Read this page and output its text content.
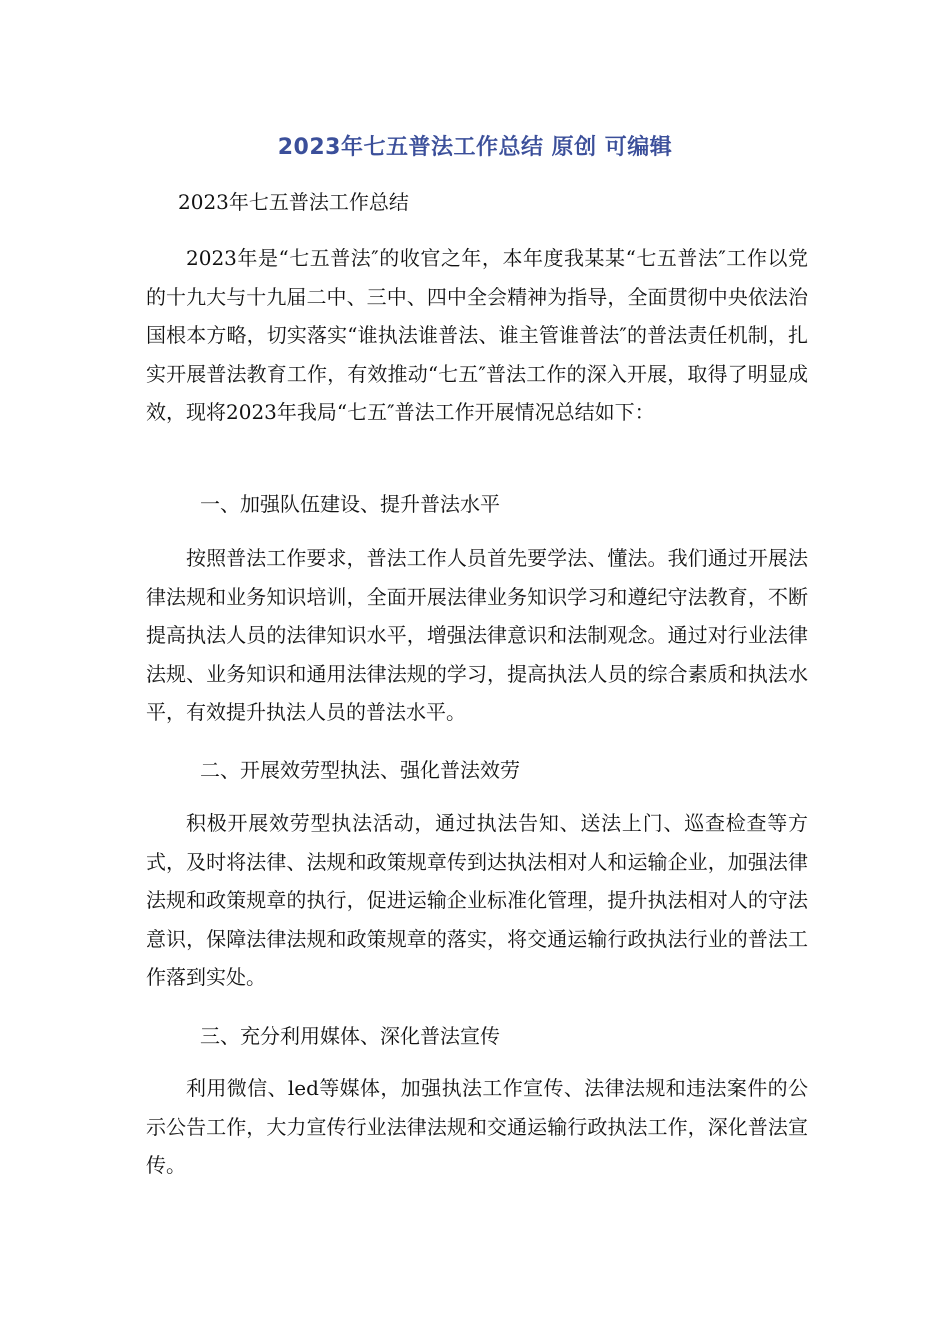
2023年七五普法工作总结 原创 可编辑
2023年七五普法工作总结

2023年是“七五普法″的收官之年，本年度我某某“七五普法″工作以党的十九大与十九届二中、三中、四中全会精神为指导，全面贯彻中央依法治国根本方略，切实落实“谁执法谁普法、谁主管谁普法″的普法责任机制，扎实开展普法教育工作，有效推动“七五″普法工作的深入开展，取得了明显成效，现将2023年我局“七五″普法工作开展情况总结如下：

一、加强队伍建设、提升普法水平

按照普法工作要求，普法工作人员首先要学法、懂法。我们通过开展法律法规和业务知识培训，全面开展法律业务知识学习和遵纪守法教育，不断提高执法人员的法律知识水平，增强法律意识和法制观念。通过对行业法律法规、业务知识和通用法律法规的学习，提高执法人员的综合素质和执法水平，有效提升执法人员的普法水平。

二、开展效劳型执法、强化普法效劳

积极开展效劳型执法活动，通过执法告知、送法上门、巡查检查等方式，及时将法律、法规和政策规章传到达执法相对人和运输企业，加强法律法规和政策规章的执行，促进运输企业标准化管理，提升执法相对人的守法意识，保障法律法规和政策规章的落实，将交通运输行政执法行业的普法工作落到实处。

三、充分利用媒体、深化普法宣传

利用微信、led等媒体，加强执法工作宣传、法律法规和违法案件的公示公告工作，大力宣传行业法律法规和交通运输行政执法工作，深化普法宣传。
